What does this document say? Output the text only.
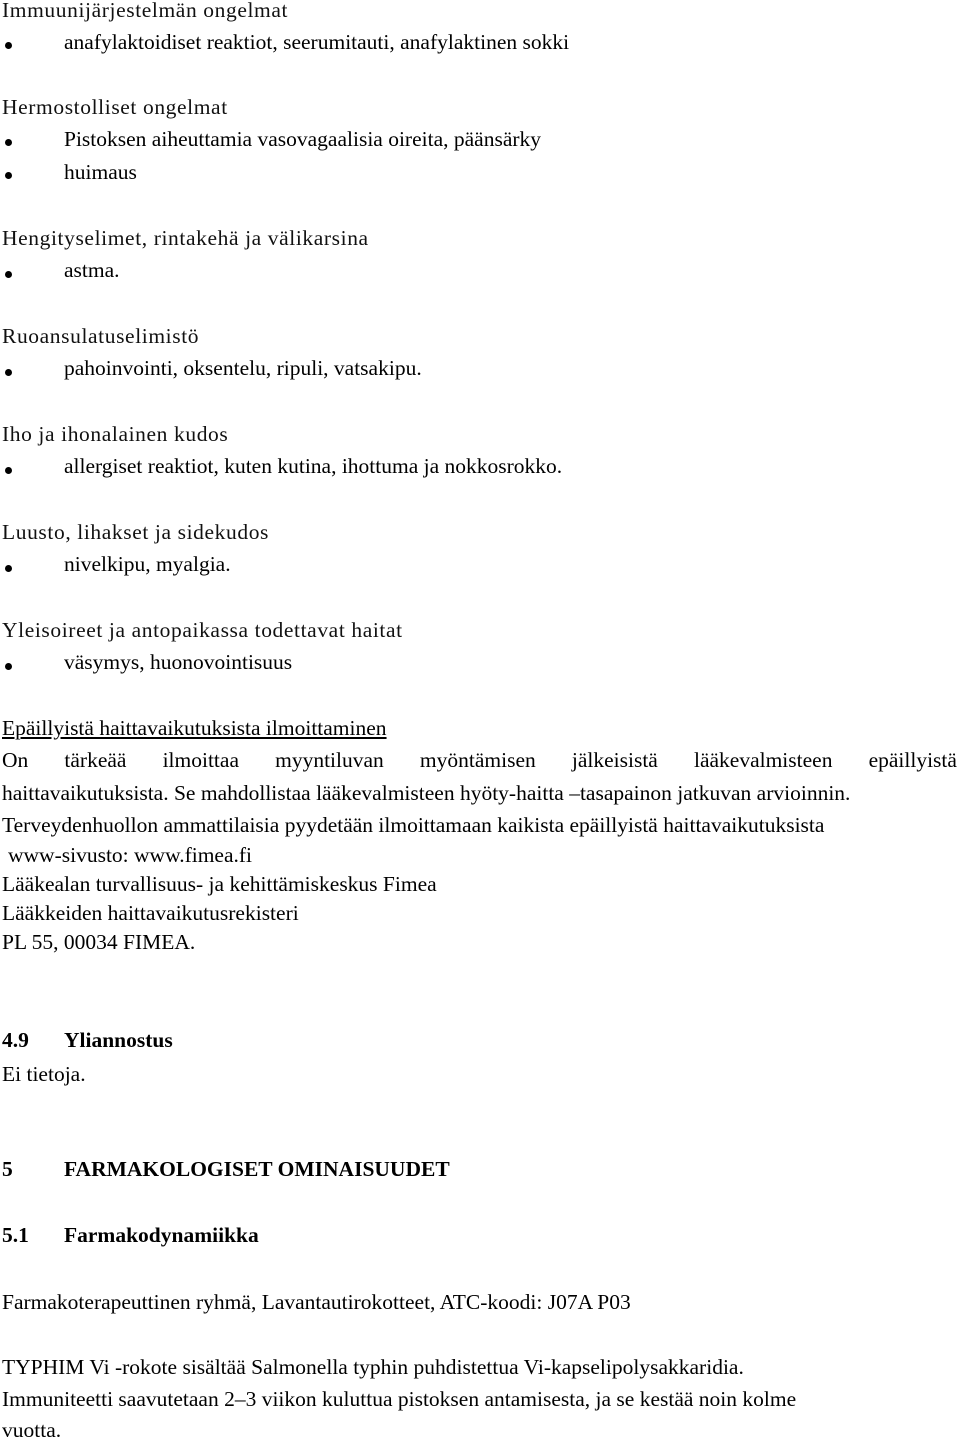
Immuunijärjestelmän ongelmat
anafylaktoidiset reaktiot, seerumitauti, anafylaktinen sokki
Hermostolliset ongelmat
Pistoksen aiheuttamia vasovagaalisia oireita, päänsärky
huimaus
Hengityselimet, rintakehä ja välikarsina
astma.
Ruoansulatuselimistö
pahoinvointi, oksentelu, ripuli, vatsakipu.
Iho ja ihonalainen kudos
allergiset reaktiot, kuten kutina, ihottuma ja nokkosrokko.
Luusto, lihakset ja sidekudos
nivelkipu, myalgia.
Yleisoireet ja antopaikassa todettavat haitat
väsymys, huonovointisuus
Epäillyistä haittavaikutuksista ilmoittaminen
On tärkeää ilmoittaa myyntiluvan myöntämisen jälkeisistä lääkevalmisteen epäillyistä
haittavaikutuksista. Se mahdollistaa lääkevalmisteen hyöty-haitta –tasapainon jatkuvan arvioinnin.
Terveydenhuollon ammattilaisia pyydetään ilmoittamaan kaikista epäillyistä haittavaikutuksista
www-sivusto: www.fimea.fi
Lääkealan turvallisuus- ja kehittämiskeskus Fimea
Lääkkeiden haittavaikutusrekisteri
PL 55, 00034 FIMEA.
4.9 Yliannostus
Ei tietoja.
5 FARMAKOLOGISET OMINAISUUDET
5.1 Farmakodynamiikka
Farmakoterapeuttinen ryhmä, Lavantautirokotteet, ATC-koodi: J07A P03
TYPHIM Vi -rokote sisältää Salmonella typhin puhdistettua Vi-kapselipolysakkaridia.
Immuniteetti saavutetaan 2–3 viikon kuluttua pistoksen antamisesta, ja se kestää noin kolme
vuotta.
